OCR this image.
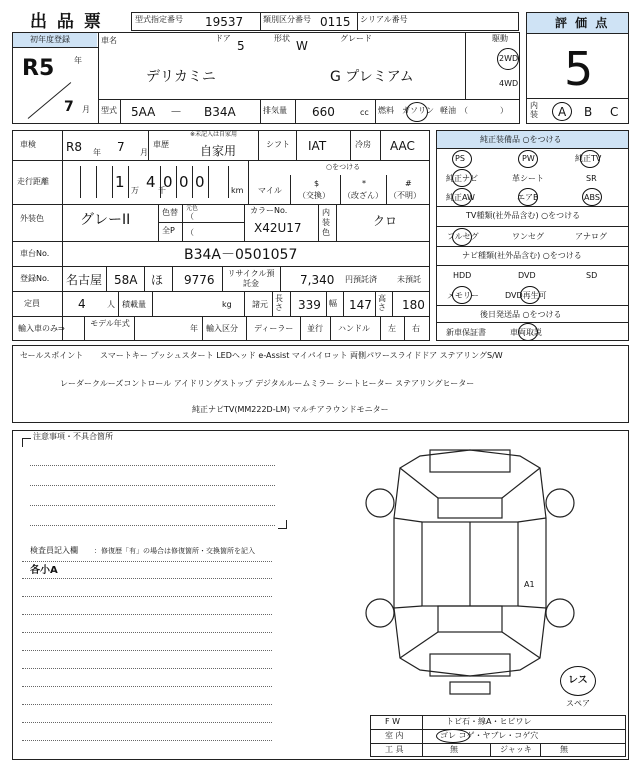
出 品 票	型式指定番号 19537 類別区分番号 0115 シリアル番号	評 価 点
5
内装 A B C
初年度登録
R5 年
7 月
車名	ドア
5
形状
W
グレード
デリカミニ	G プレミアム
駆動
2WD
4WD
型式 5AA － B34A	排気量 660	cc 燃料 ガソリン 軽油 （　　　　）
車検	R8 年 7 月
車歴
※未記入は自家用
自家用	シフト IAT	冷房 AAC
走行距離	1 万 4 千
0 0 0	km マイル
○をつける
$
（交換）
*
（改ざん）
#
（不明）
外装色	グレーII	色替
全P
元色
（
（
カラーNo.
X42U17
内装色
クロ
車台No.	B34A－0501057
登録No. 名古屋 58A ほ 9776 リサイクル預託金	7,340 円預託済	未預託
定員	4	人 積載量	kg	諸元
長さ 339 幅 147 高さ 180
輸入車のみ⇒
モデル年式
年 輸入区分 ディーラー 並行 ハンドル 左 右
純正装備品 ○をつける
PS	PW	純正TV
純正ナビ	革シート	SR
純正AW	エアB	ABS
TV種類(社外品含む) ○をつける
フルセグ	ワンセグ	アナログ
ナビ種類(社外品含む) ○をつける
HDD	DVD	SD
メモリー	DVD再生可
後日発送品 ○をつける
新車保証書	車両取説
セールスポイント スマートキー プッシュスタート LEDヘッド e-Assist マイパイロット 両側パワースライドドア ステアリングS/W
レーダークルーズコントロール アイドリングストップ デジタルルームミラー シートヒーター ステアリングヒーター
純正ナビTV(MM222D-LM) マルチアラウンドモニター
注意事項・不具合箇所
検査員記入欄 ：修復歴「有」の場合は修復箇所・交換箇所を記入
各小A
A1
レス
スペア
F W	トビ石・線A・ヒビワレ
室 内	ゴレ コゲ・ヤブレ・コゲ穴
工 具	無	ジャッキ	無
